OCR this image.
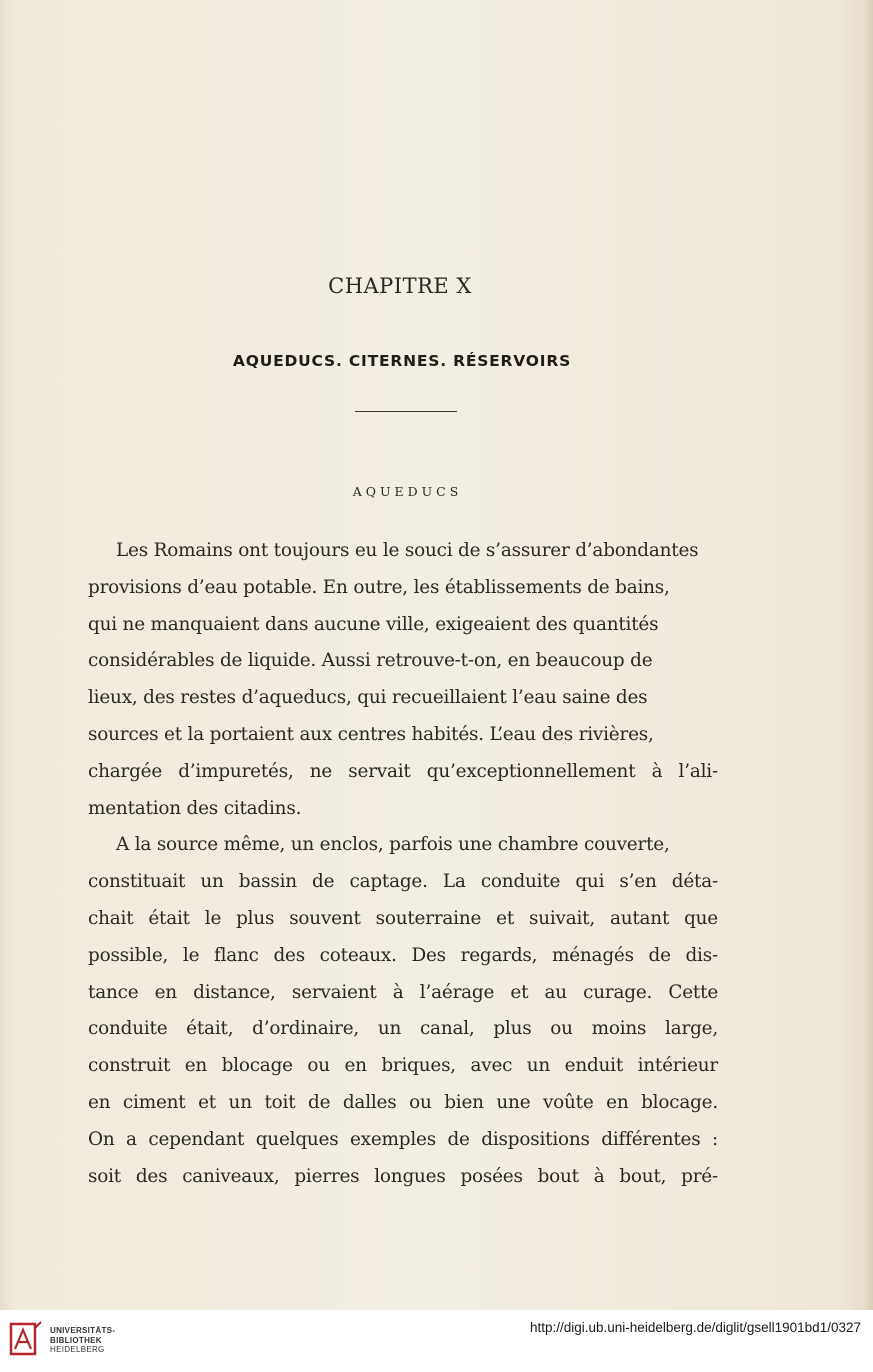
CHAPITRE X
AQUEDUCS. CITERNES. RÉSERVOIRS
AQUEDUCS

Les Romains ont toujours eu le souci de s’assurer d’abondantes

provisions d’eau potable. En outre, les établissements de bains,

qui ne manquaient dans aucune ville, exigeaient des quantités

considérables de liquide. Aussi retrouve-t-on, en beaucoup de

lieux, des restes d’aqueducs, qui recueillaient l’eau saine des

sources et la portaient aux centres habités. L’eau des rivières,

chargée d’impuretés, ne servait qu’exceptionnellement à l’ali-

mentation des citadins.

A la source même, un enclos, parfois une chambre couverte,

constituait un bassin de captage. La conduite qui s’en déta-

chait était le plus souvent souterraine et suivait, autant que

possible, le flanc des coteaux. Des regards, ménagés de dis-

tance en distance, servaient à l’aérage et au curage. Cette

conduite était, d’ordinaire, un canal, plus ou moins large,

construit en blocage ou en briques, avec un enduit intérieur

en ciment et un toit de dalles ou bien une voûte en blocage.

On a cependant quelques exemples de dispositions différentes :

soit des caniveaux, pierres longues posées bout à bout, pré-

UNIVERSITÄTS-
BIBLIOTHEK
HEIDELBERG
http://digi.ub.uni-heidelberg.de/diglit/gsell1901bd1/0327
